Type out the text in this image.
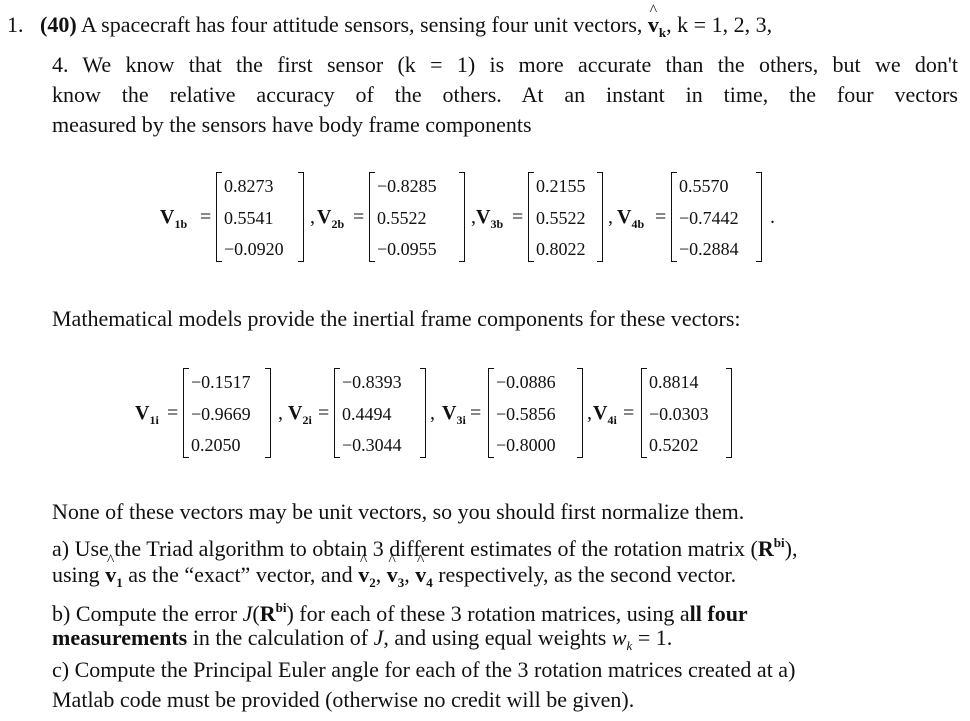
1. (40) A spacecraft has four attitude sensors, sensing four unit vectors, ^ $v_k$, k = 1, 2, 3,
4. We know that the first sensor (k = 1) is more accurate than the others, but we don't
know the relative accuracy of the others. At an instant in time, the four vectors
measured by the sensors have body frame components
$V_{1b}$ =
0.8273
0.5541
−0.0920
, $V_{2b}$ =
−0.8285
0.5522
−0.0955
, $V_{3b}$ =
0.2155
0.5522
0.8022
, $V_{4b}$ =
0.5570
−0.7442
−0.2884
.
Mathematical models provide the inertial frame components for these vectors:
$V_{1i}$ =
−0.1517
−0.9669
0.2050
, $V_{2i}$ =
−0.8393
0.4494
−0.3044
, $V_{3i}$ =
−0.0886
−0.5856
−0.8000
, $V_{4i}$ =
0.8814
−0.0303
0.5202
None of these vectors may be unit vectors, so you should first normalize them.
a) Use the Triad algorithm to obtain 3 different estimates of the rotation matrix $(R^{bi})$,
using ^ $v_1$ as the “exact” vector, and ^ $v_2$, ^ $v_3$, ^ $v_4$ respectively, as the second vector.
b) Compute the error $J(R^{bi})$ for each of these 3 rotation matrices, using all four
measurements in the calculation of J, and using equal weights $w_k = 1$.
c) Compute the Principal Euler angle for each of the 3 rotation matrices created at a)
Matlab code must be provided (otherwise no credit will be given).
